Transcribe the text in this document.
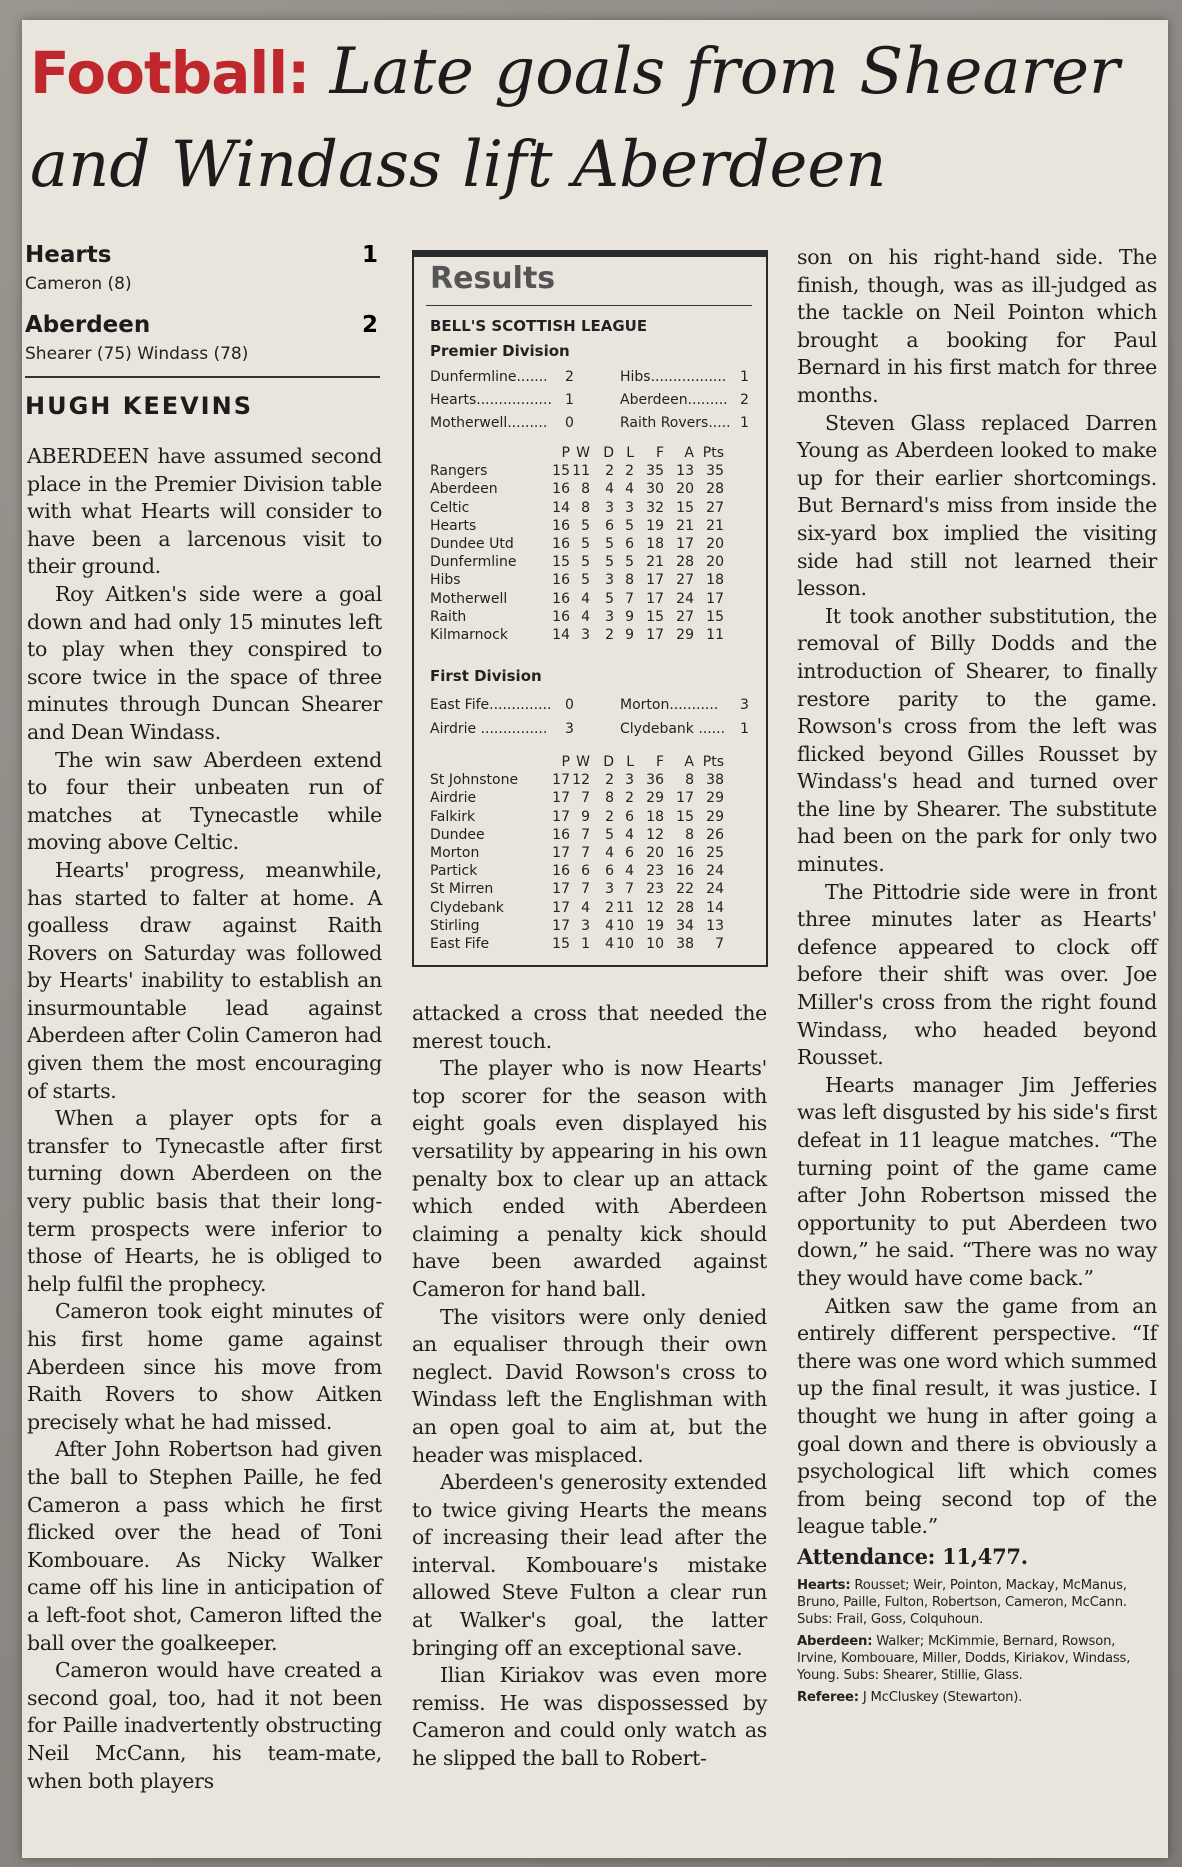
Football: Late goals from Shearer and Windass lift Aberdeen
Hearts	1
Cameron (8)
Aberdeen	2
Shearer (75) Windass (78)
HUGH KEEVINS

ABERDEEN have assumed second place in the Premier Division table with what Hearts will consider to have been a larcenous visit to their ground.

Roy Aitken's side were a goal down and had only 15 minutes left to play when they conspired to score twice in the space of three minutes through Duncan Shearer and Dean Windass.

The win saw Aberdeen extend to four their unbeaten run of matches at Tynecastle while moving above Celtic.

Hearts' progress, meanwhile, has started to falter at home. A goalless draw against Raith Rovers on Saturday was followed by Hearts' inability to establish an insurmountable lead against Aberdeen after Colin Cameron had given them the most encouraging of starts.

When a player opts for a transfer to Tynecastle after first turning down Aberdeen on the very public basis that their long-term prospects were inferior to those of Hearts, he is obliged to help fulfil the prophecy.

Cameron took eight minutes of his first home game against Aberdeen since his move from Raith Rovers to show Aitken precisely what he had missed.

After John Robertson had given the ball to Stephen Paille, he fed Cameron a pass which he first flicked over the head of Toni Kombouare. As Nicky Walker came off his line in anticipation of a left-foot shot, Cameron lifted the ball over the goalkeeper.

Cameron would have created a second goal, too, had it not been for Paille inadvertently obstructing Neil McCann, his team-mate, when both players

Results
BELL'S SCOTTISH LEAGUE
Premier Division
Dunfermline....... 2	Hibs................. 1
Hearts................. 1	Aberdeen......... 2
Motherwell......... 0	Raith Rovers..... 1
P W D L F A Pts
Rangers	15 11 2 2 35 13 35
Aberdeen	16 8 4 4 30 20 28
Celtic	14 8 3 3 32 15 27
Hearts	16 5 6 5 19 21 21
Dundee Utd	16 5 5 6 18 17 20
Dunfermline	15 5 5 5 21 28 20
Hibs	16 5 3 8 17 27 18
Motherwell	16 4 5 7 17 24 17
Raith	16 4 3 9 15 27 15
Kilmarnock	14 3 2 9 17 29 11
First Division
East Fife.............. 0	Morton........... 3
Airdrie ............... 3	Clydebank ...... 1
P W D L F A Pts
St Johnstone 17 12 2 3 36 8 38
Airdrie	17 7 8 2 29 17 29
Falkirk	17 9 2 6 18 15 29
Dundee	16 7 5 4 12 8 26
Morton	17 7 4 6 20 16 25
Partick	16 6 6 4 23 16 24
St Mirren	17 7 3 7 23 22 24
Clydebank	17 4 2 11 12 28 14
Stirling	17 3 4 10 19 34 13
East Fife	15 1 4 10 10 38 7

attacked a cross that needed the merest touch.

The player who is now Hearts' top scorer for the season with eight goals even displayed his versatility by appearing in his own penalty box to clear up an attack which ended with Aberdeen claiming a penalty kick should have been awarded against Cameron for hand ball.

The visitors were only denied an equaliser through their own neglect. David Rowson's cross to Windass left the Englishman with an open goal to aim at, but the header was misplaced.

Aberdeen's generosity extended to twice giving Hearts the means of increasing their lead after the interval. Kombouare's mistake allowed Steve Fulton a clear run at Walker's goal, the latter bringing off an exceptional save.

Ilian Kiriakov was even more remiss. He was dispossessed by Cameron and could only watch as he slipped the ball to Robert-

son on his right-hand side. The finish, though, was as ill-judged as the tackle on Neil Pointon which brought a booking for Paul Bernard in his first match for three months.

Steven Glass replaced Darren Young as Aberdeen looked to make up for their earlier shortcomings. But Bernard's miss from inside the six-yard box implied the visiting side had still not learned their lesson.

It took another substitution, the removal of Billy Dodds and the introduction of Shearer, to finally restore parity to the game. Rowson's cross from the left was flicked beyond Gilles Rousset by Windass's head and turned over the line by Shearer. The substitute had been on the park for only two minutes.

The Pittodrie side were in front three minutes later as Hearts' defence appeared to clock off before their shift was over. Joe Miller's cross from the right found Windass, who headed beyond Rousset.

Hearts manager Jim Jefferies was left disgusted by his side's first defeat in 11 league matches. “The turning point of the game came after John Robertson missed the opportunity to put Aberdeen two down,” he said. “There was no way they would have come back.”

Aitken saw the game from an entirely different perspective. “If there was one word which summed up the final result, it was justice. I thought we hung in after going a goal down and there is obviously a psychological lift which comes from being second top of the league table.”

Attendance: 11,477.
Hearts: Rousset; Weir, Pointon, Mackay, McManus, Bruno, Paille, Fulton, Robertson, Cameron, McCann. Subs: Frail, Goss, Colquhoun.
Aberdeen: Walker; McKimmie, Bernard, Rowson, Irvine, Kombouare, Miller, Dodds, Kiriakov, Windass, Young. Subs: Shearer, Stillie, Glass.
Referee: J McCluskey (Stewarton).
